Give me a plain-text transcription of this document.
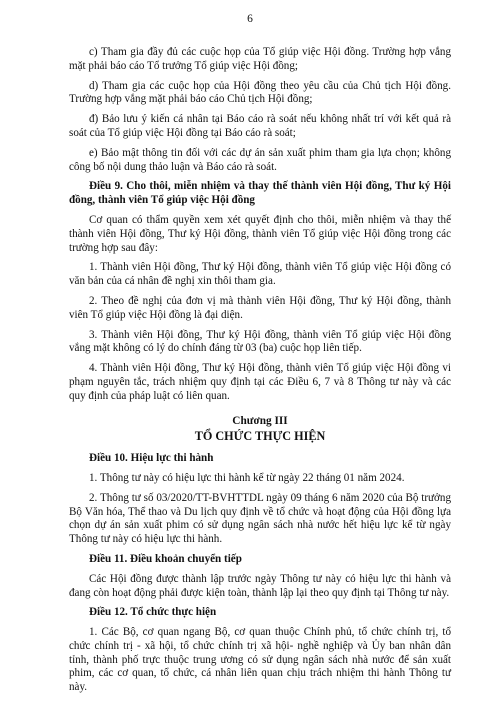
6

c) Tham gia đầy đủ các cuộc họp của Tổ giúp việc Hội đồng. Trường hợp vắng mặt phải báo cáo Tổ trưởng Tổ giúp việc Hội đồng;

d) Tham gia các cuộc họp của Hội đồng theo yêu cầu của Chủ tịch Hội đồng. Trường hợp vắng mặt phải báo cáo Chủ tịch Hội đồng;

đ) Bảo lưu ý kiến cá nhân tại Báo cáo rà soát nếu không nhất trí với kết quả rà soát của Tổ giúp việc Hội đồng tại Báo cáo rà soát;

e) Bảo mật thông tin đối với các dự án sản xuất phim tham gia lựa chọn; không công bố nội dung thảo luận và Báo cáo rà soát.

Điều 9. Cho thôi, miễn nhiệm và thay thế thành viên Hội đồng, Thư ký Hội đồng, thành viên Tổ giúp việc Hội đồng

Cơ quan có thẩm quyền xem xét quyết định cho thôi, miễn nhiệm và thay thế thành viên Hội đồng, Thư ký Hội đồng, thành viên Tổ giúp việc Hội đồng trong các trường hợp sau đây:

1. Thành viên Hội đồng, Thư ký Hội đồng, thành viên Tổ giúp việc Hội đồng có văn bản của cá nhân đề nghị xin thôi tham gia.

2. Theo đề nghị của đơn vị mà thành viên Hội đồng, Thư ký Hội đồng, thành viên Tổ giúp việc Hội đồng là đại diện.

3. Thành viên Hội đồng, Thư ký Hội đồng, thành viên Tổ giúp việc Hội đồng vắng mặt không có lý do chính đáng từ 03 (ba) cuộc họp liên tiếp.

4. Thành viên Hội đồng, Thư ký Hội đồng, thành viên Tổ giúp việc Hội đồng vi phạm nguyên tắc, trách nhiệm quy định tại các Điều 6, 7 và 8 Thông tư này và các quy định của pháp luật có liên quan.

Chương III
TỔ CHỨC THỰC HIỆN

Điều 10. Hiệu lực thi hành

1. Thông tư này có hiệu lực thi hành kể từ ngày 22 tháng 01 năm 2024.

2. Thông tư số 03/2020/TT-BVHTTDL ngày 09 tháng 6 năm 2020 của Bộ trưởng Bộ Văn hóa, Thể thao và Du lịch quy định về tổ chức và hoạt động của Hội đồng lựa chọn dự án sản xuất phim có sử dụng ngân sách nhà nước hết hiệu lực kể từ ngày Thông tư này có hiệu lực thi hành.

Điều 11. Điều khoản chuyển tiếp

Các Hội đồng được thành lập trước ngày Thông tư này có hiệu lực thi hành và đang còn hoạt động phải được kiện toàn, thành lập lại theo quy định tại Thông tư này.

Điều 12. Tổ chức thực hiện

1. Các Bộ, cơ quan ngang Bộ, cơ quan thuộc Chính phủ, tổ chức chính trị, tổ chức chính trị - xã hội, tổ chức chính trị xã hội- nghề nghiệp và Ủy ban nhân dân tỉnh, thành phố trực thuộc trung ương có sử dụng ngân sách nhà nước để sản xuất phim, các cơ quan, tổ chức, cá nhân liên quan chịu trách nhiệm thi hành Thông tư này.
